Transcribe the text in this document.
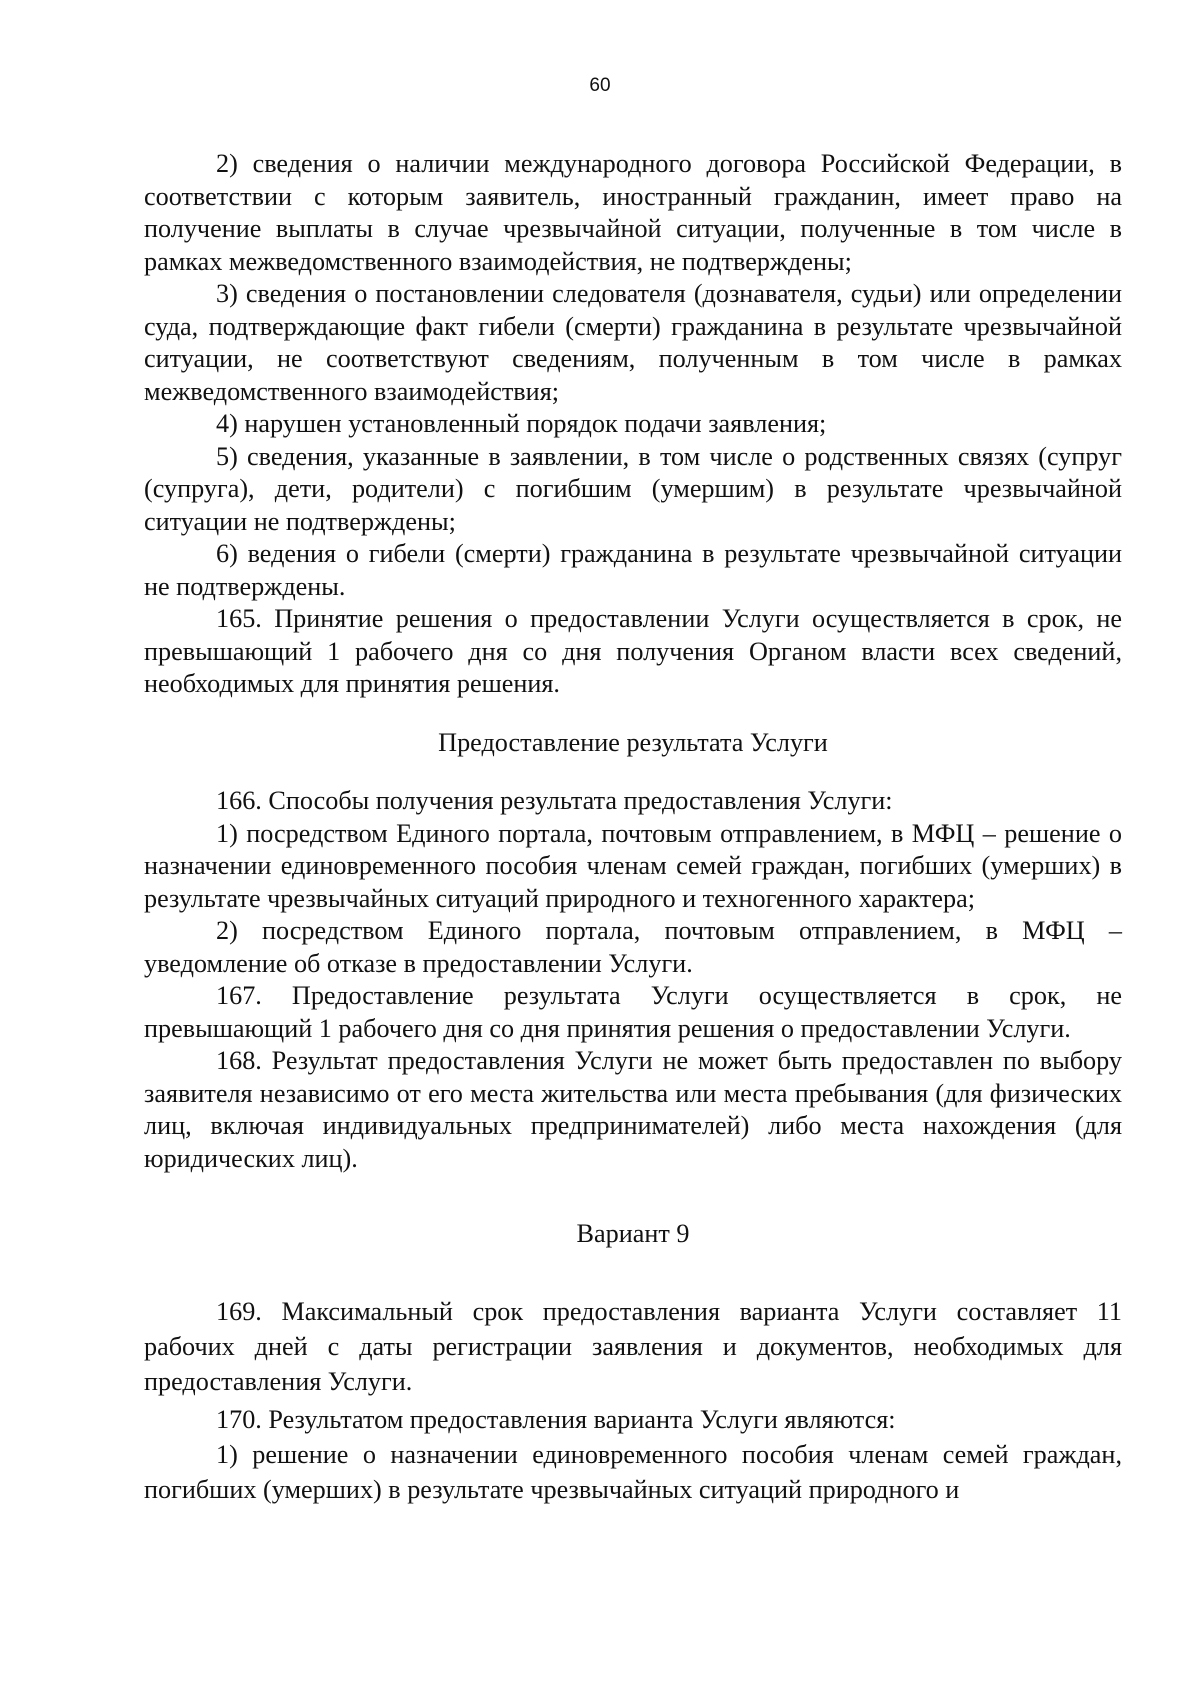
60

2) сведения о наличии международного договора Российской Федерации, в соответствии с которым заявитель, иностранный гражданин, имеет право на получение выплаты в случае чрезвычайной ситуации, полученные в том числе в рамках межведомственного взаимодействия, не подтверждены;

3) сведения о постановлении следователя (дознавателя, судьи) или определении суда, подтверждающие факт гибели (смерти) гражданина в результате чрезвычайной ситуации, не соответствуют сведениям, полученным в том числе в рамках межведомственного взаимодействия;

4) нарушен установленный порядок подачи заявления;

5) сведения, указанные в заявлении, в том числе о родственных связях (супруг (супруга), дети, родители) с погибшим (умершим) в результате чрезвычайной ситуации не подтверждены;

6) ведения о гибели (смерти) гражданина в результате чрезвычайной ситуации не подтверждены.

165. Принятие решения о предоставлении Услуги осуществляется в срок, не превышающий 1 рабочего дня со дня получения Органом власти всех сведений, необходимых для принятия решения.

Предоставление результата Услуги

166. Способы получения результата предоставления Услуги:

1) посредством Единого портала, почтовым отправлением, в МФЦ – решение о назначении единовременного пособия членам семей граждан, погибших (умерших) в результате чрезвычайных ситуаций природного и техногенного характера;

2) посредством Единого портала, почтовым отправлением, в МФЦ – уведомление об отказе в предоставлении Услуги.

167. Предоставление результата Услуги осуществляется в срок, не превышающий 1 рабочего дня со дня принятия решения о предоставлении Услуги.

168. Результат предоставления Услуги не может быть предоставлен по выбору заявителя независимо от его места жительства или места пребывания (для физических лиц, включая индивидуальных предпринимателей) либо места нахождения (для юридических лиц).

Вариант 9

169. Максимальный срок предоставления варианта Услуги составляет 11 рабочих дней с даты регистрации заявления и документов, необходимых для предоставления Услуги.

170. Результатом предоставления варианта Услуги являются:

1) решение о назначении единовременного пособия членам семей граждан, погибших (умерших) в результате чрезвычайных ситуаций природного и
